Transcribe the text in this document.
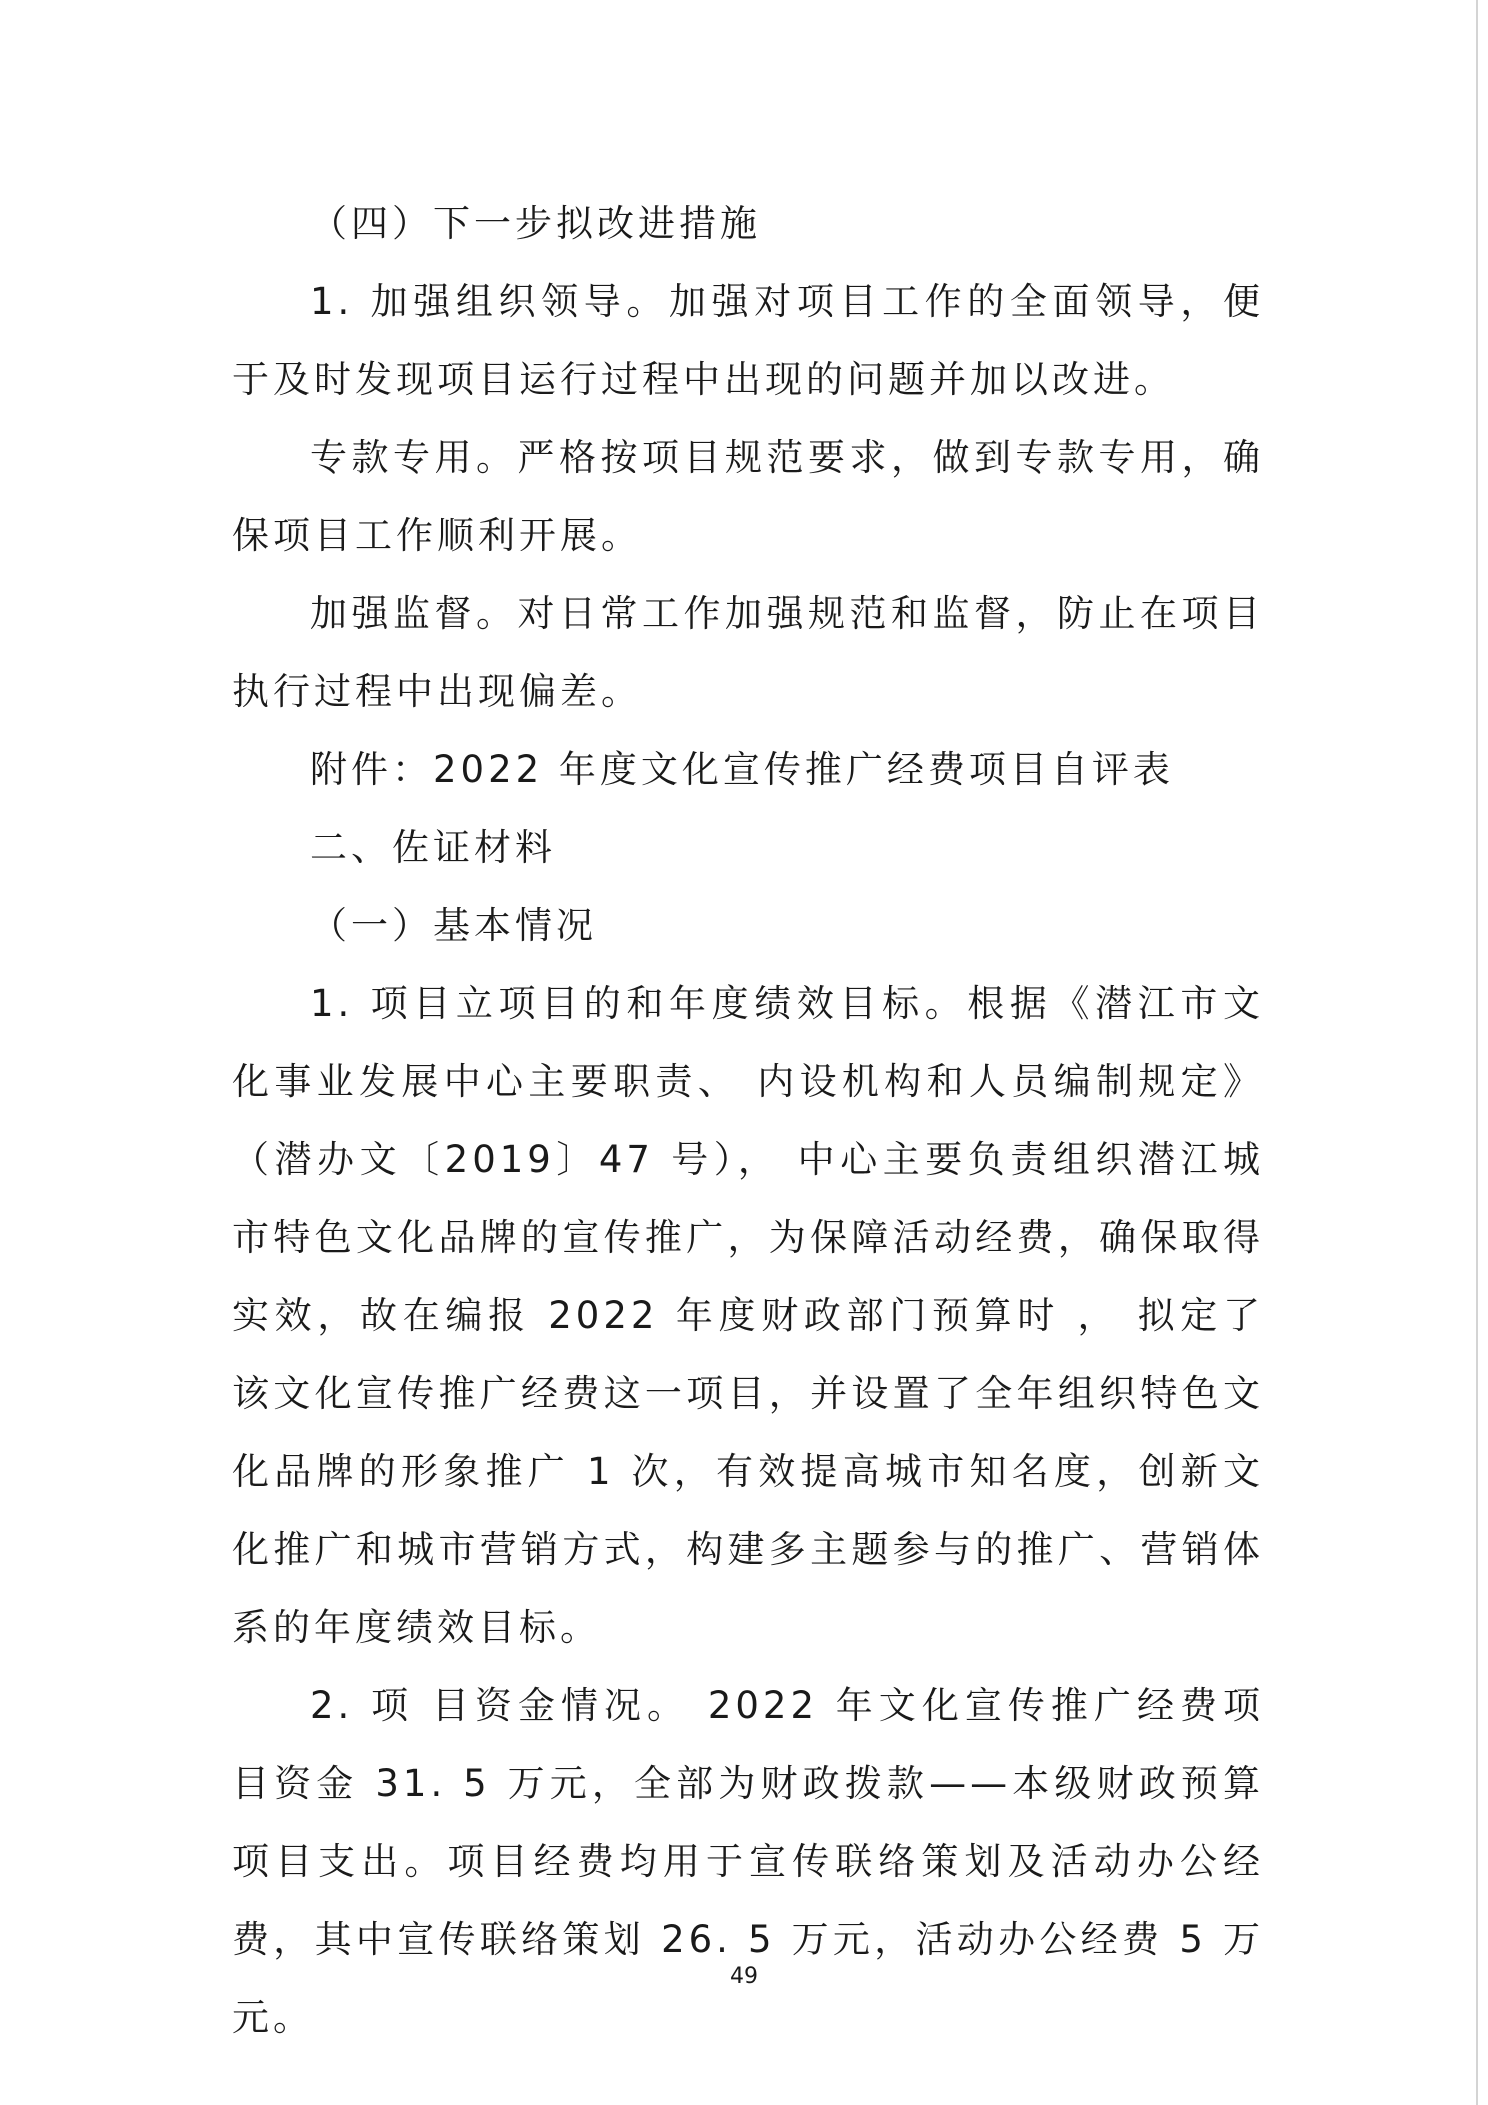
（四）下一步拟改进措施

1. 加强组织领导。加强对项目工作的全面领导，便于及时发现项目运行过程中出现的问题并加以改进。

专款专用。严格按项目规范要求，做到专款专用，确保项目工作顺利开展。

加强监督。对日常工作加强规范和监督，防止在项目执行过程中出现偏差。

附件：2022 年度文化宣传推广经费项目自评表

二、佐证材料

（一）基本情况

1. 项目立项目的和年度绩效目标。根据《潜江市文化事业发展中心主要职责、 内设机构和人员编制规定》（潜办文〔2019〕47 号）， 中心主要负责组织潜江城市特色文化品牌的宣传推广，为保障活动经费，确保取得实效，故在编报 2022 年度财政部门预算时 ， 拟定了该文化宣传推广经费这一项目，并设置了全年组织特色文化品牌的形象推广 1 次，有效提高城市知名度，创新文化推广和城市营销方式，构建多主题参与的推广、营销体系的年度绩效目标。

2. 项 目资金情况。 2022 年文化宣传推广经费项目资金 31. 5 万元，全部为财政拨款——本级财政预算项目支出。项目经费均用于宣传联络策划及活动办公经费，其中宣传联络策划 26. 5 万元，活动办公经费 5 万元。

49
